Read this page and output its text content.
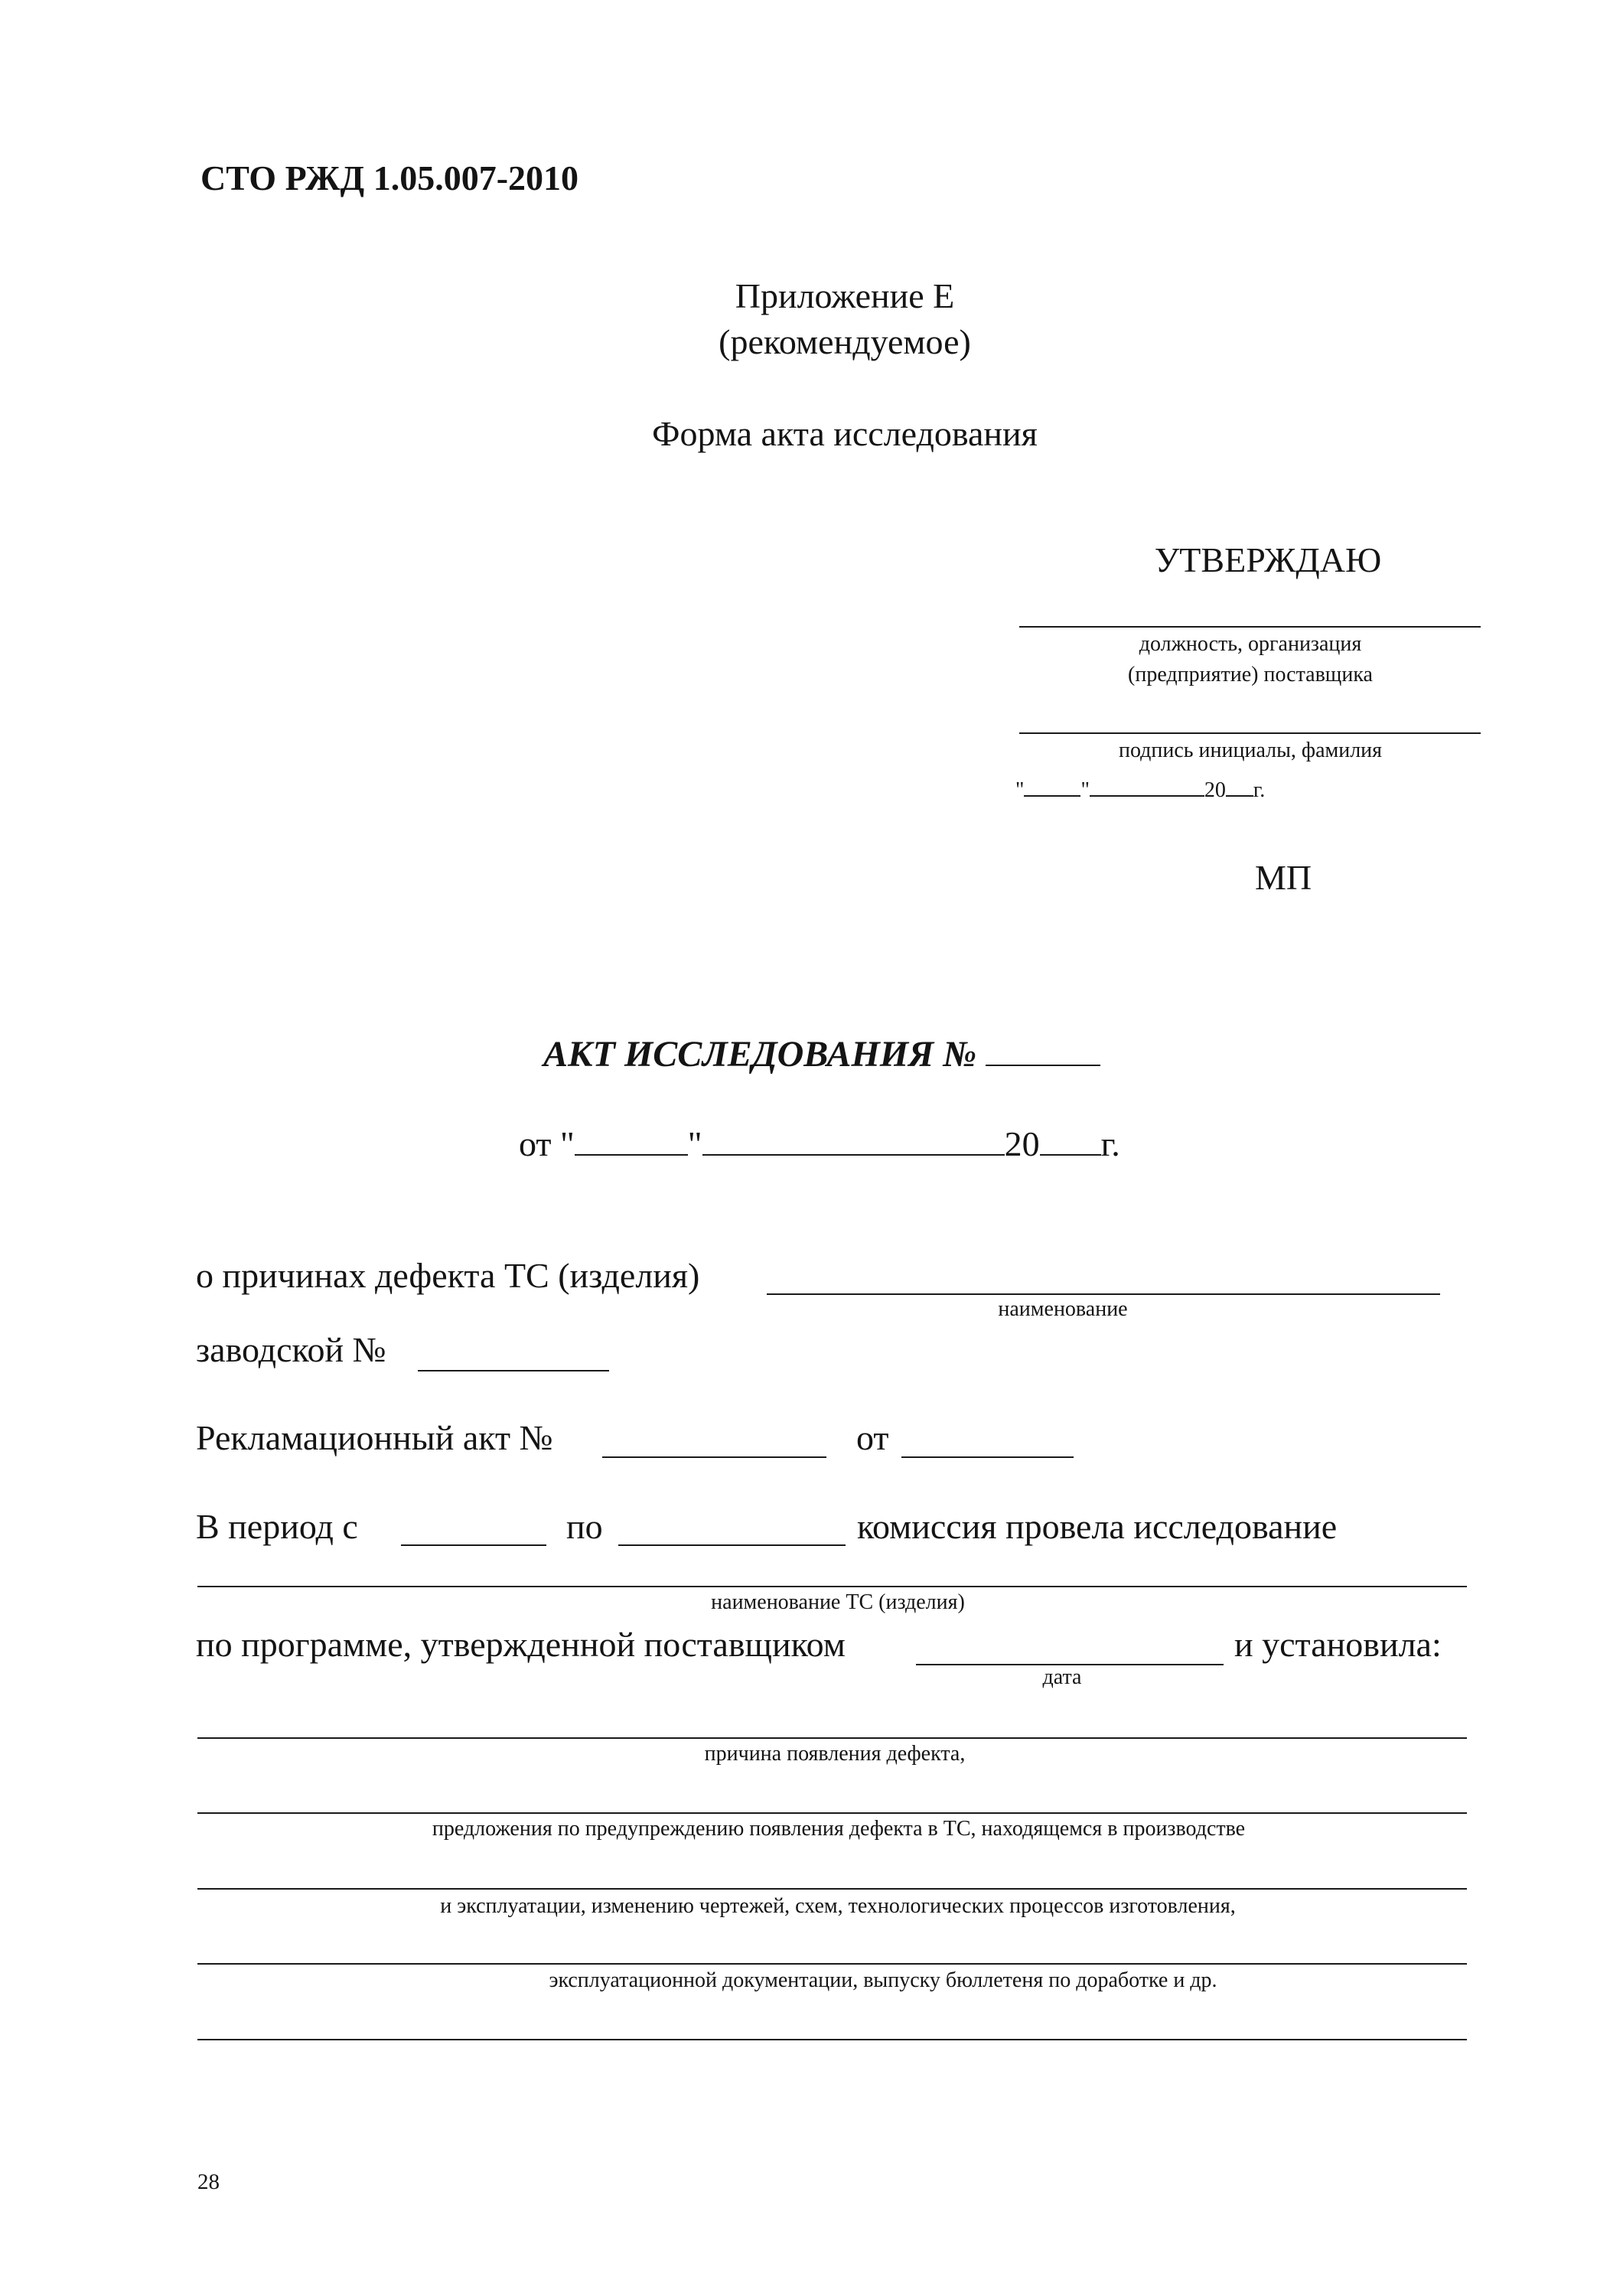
СТО РЖД 1.05.007-2010
Приложение Е
(рекомендуемое)
Форма акта исследования
УТВЕРЖДАЮ
должность, организация
(предприятие) поставщика
подпись инициалы, фамилия
"	"	20 г.
МП
АКТ ИССЛЕДОВАНИЯ №
от "	"	20 г.
о причинах дефекта ТС (изделия)
наименование
заводской №
Рекламационный акт №	от
В период с	по	комиссия провела исследование
наименование ТС (изделия)
по программе, утвержденной поставщиком	и установила:
дата
причина появления дефекта,
предложения по предупреждению появления дефекта в ТС, находящемся в производстве
и эксплуатации, изменению чертежей, схем, технологических процессов изготовления,
эксплуатационной документации, выпуску бюллетеня по доработке и др.
28
